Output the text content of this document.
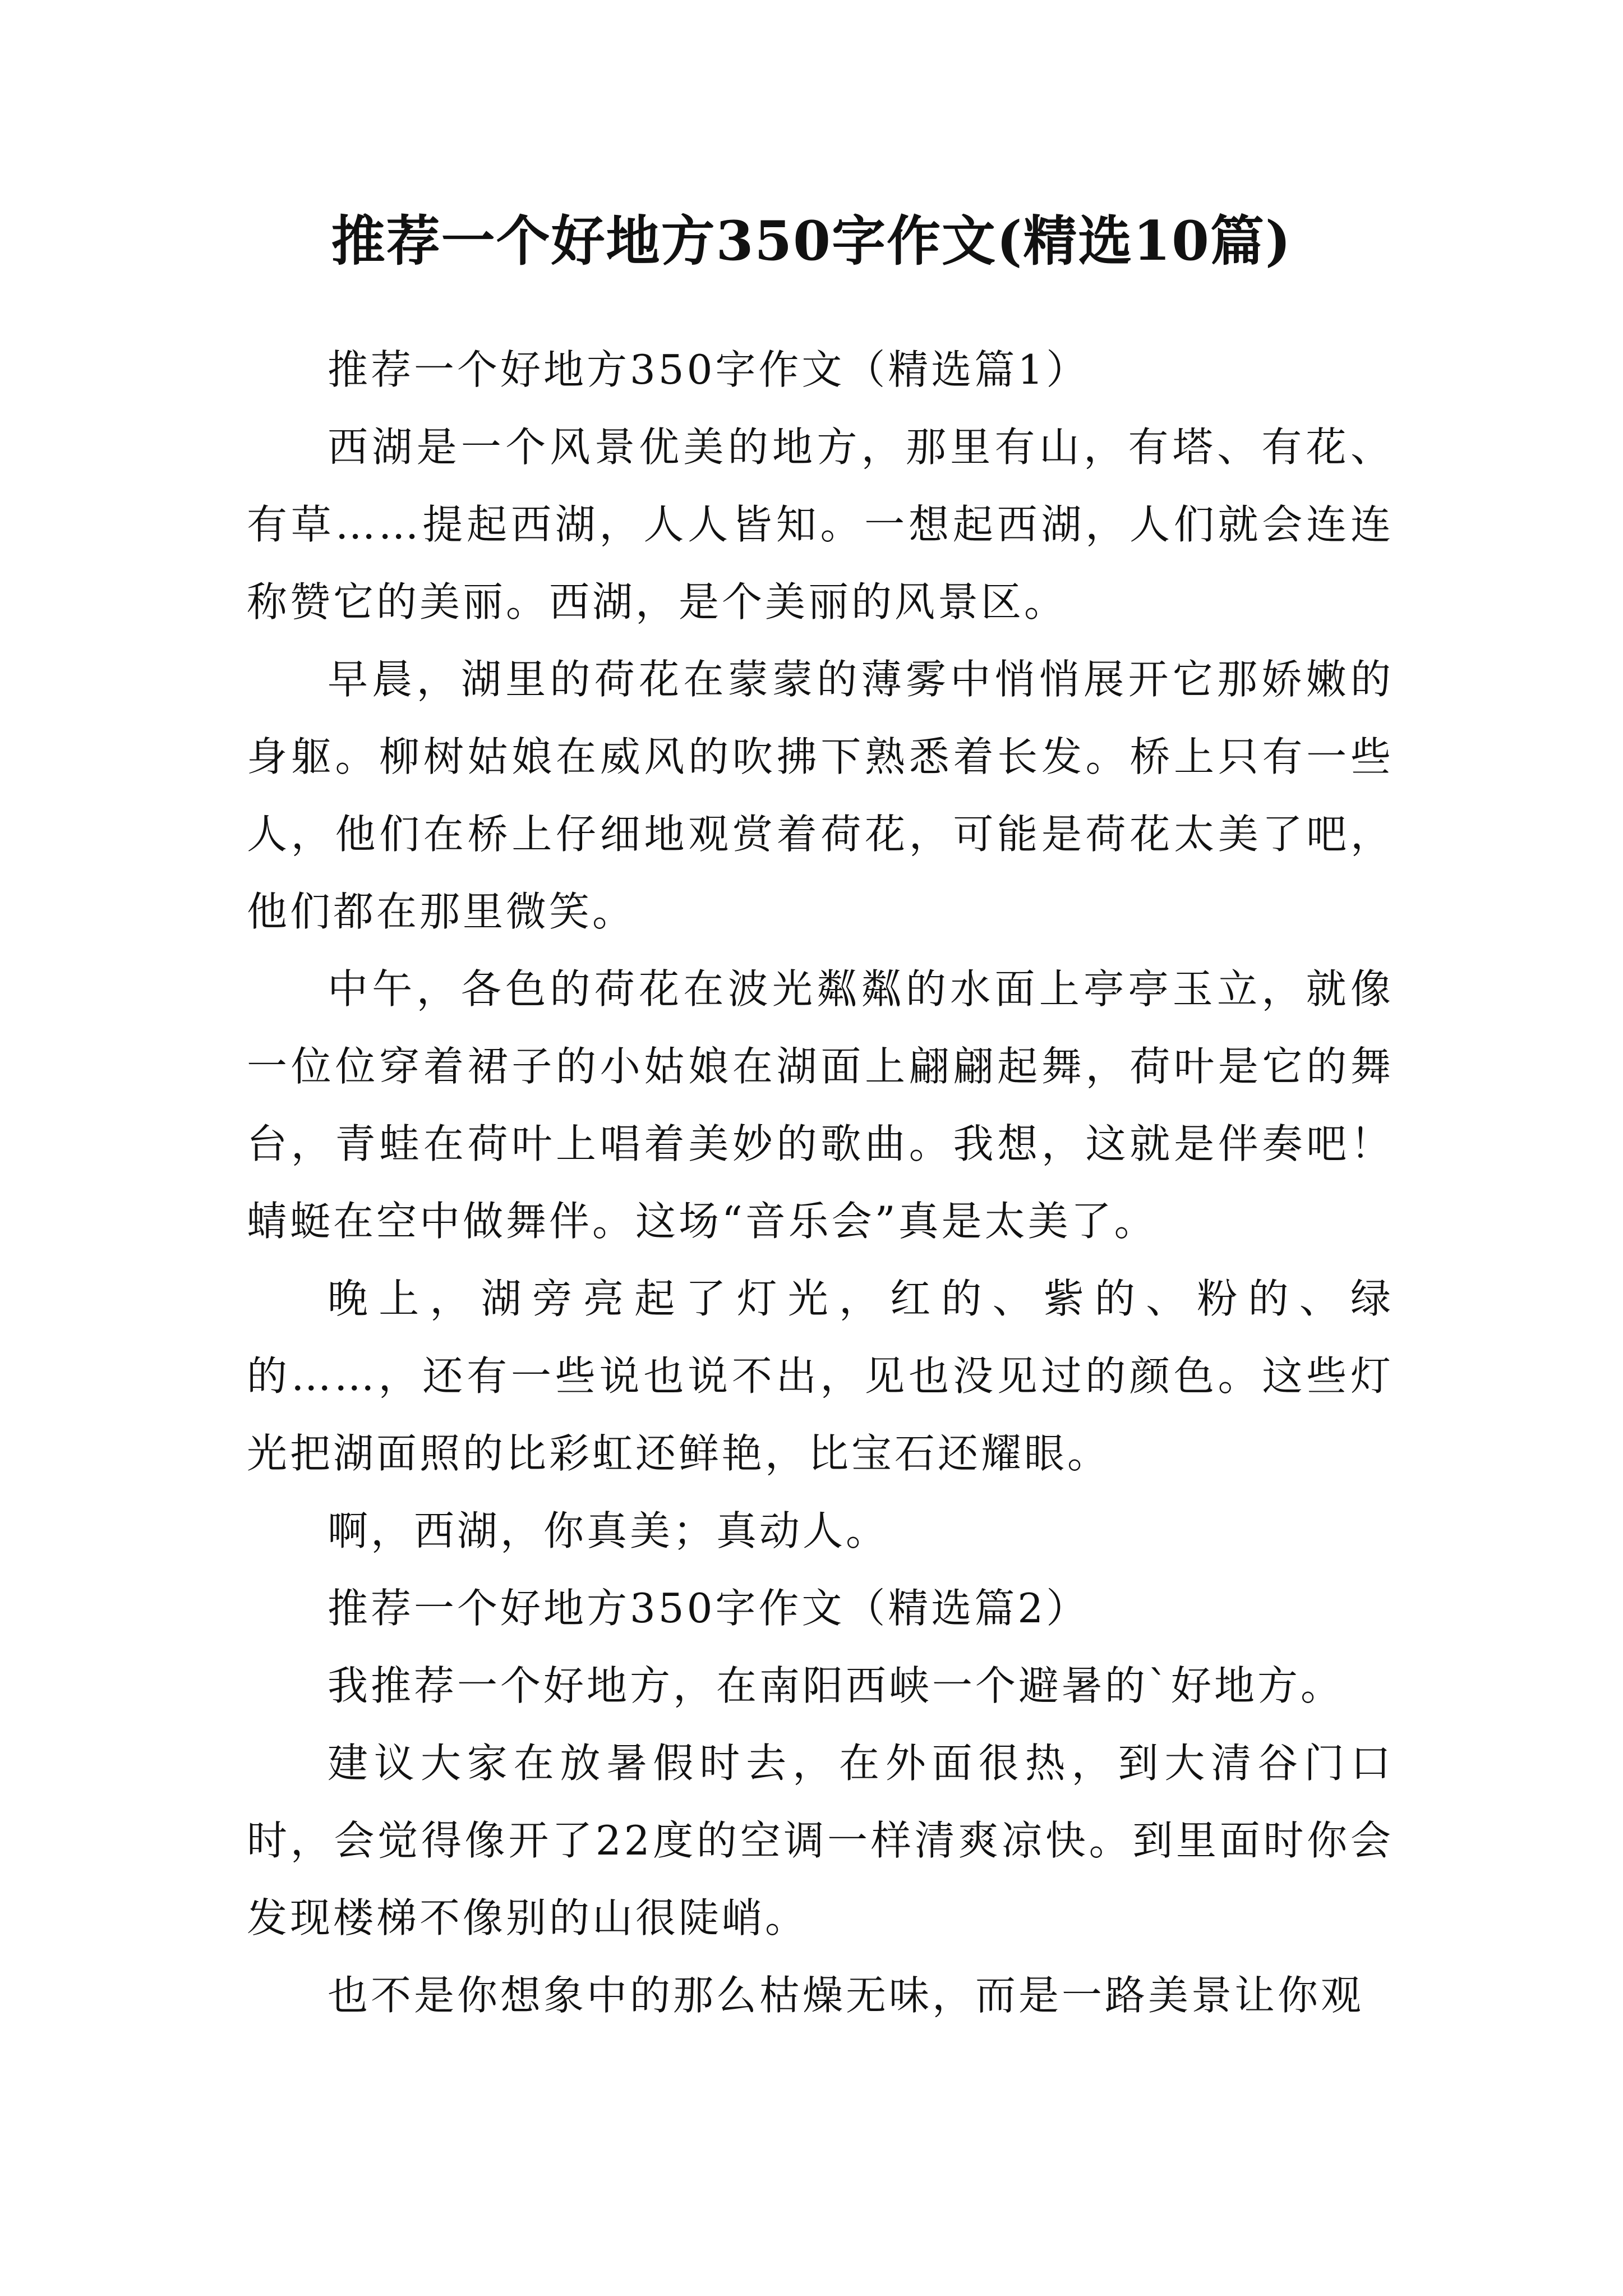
推荐一个好地方350字作文(精选10篇)

推荐一个好地方350字作文（精选篇1）

西湖是一个风景优美的地方，那里有山，有塔、有花、有草……提起西湖，人人皆知。一想起西湖，人们就会连连称赞它的美丽。西湖，是个美丽的风景区。

早晨，湖里的荷花在蒙蒙的薄雾中悄悄展开它那娇嫩的身躯。柳树姑娘在威风的吹拂下熟悉着长发。桥上只有一些人，他们在桥上仔细地观赏着荷花，可能是荷花太美了吧，他们都在那里微笑。

中午，各色的荷花在波光粼粼的水面上亭亭玉立，就像一位位穿着裙子的小姑娘在湖面上翩翩起舞，荷叶是它的舞台，青蛙在荷叶上唱着美妙的歌曲。我想，这就是伴奏吧！蜻蜓在空中做舞伴。这场“音乐会”真是太美了。

晚上，湖旁亮起了灯光，红的、紫的、粉的、绿的……，还有一些说也说不出，见也没见过的颜色。这些灯光把湖面照的比彩虹还鲜艳，比宝石还耀眼。

啊，西湖，你真美；真动人。

推荐一个好地方350字作文（精选篇2）

我推荐一个好地方，在南阳西峡一个避暑的`好地方。

建议大家在放暑假时去，在外面很热，到大清谷门口时，会觉得像开了22度的空调一样清爽凉快。到里面时你会发现楼梯不像别的山很陡峭。

也不是你想象中的那么枯燥无味，而是一路美景让你观
